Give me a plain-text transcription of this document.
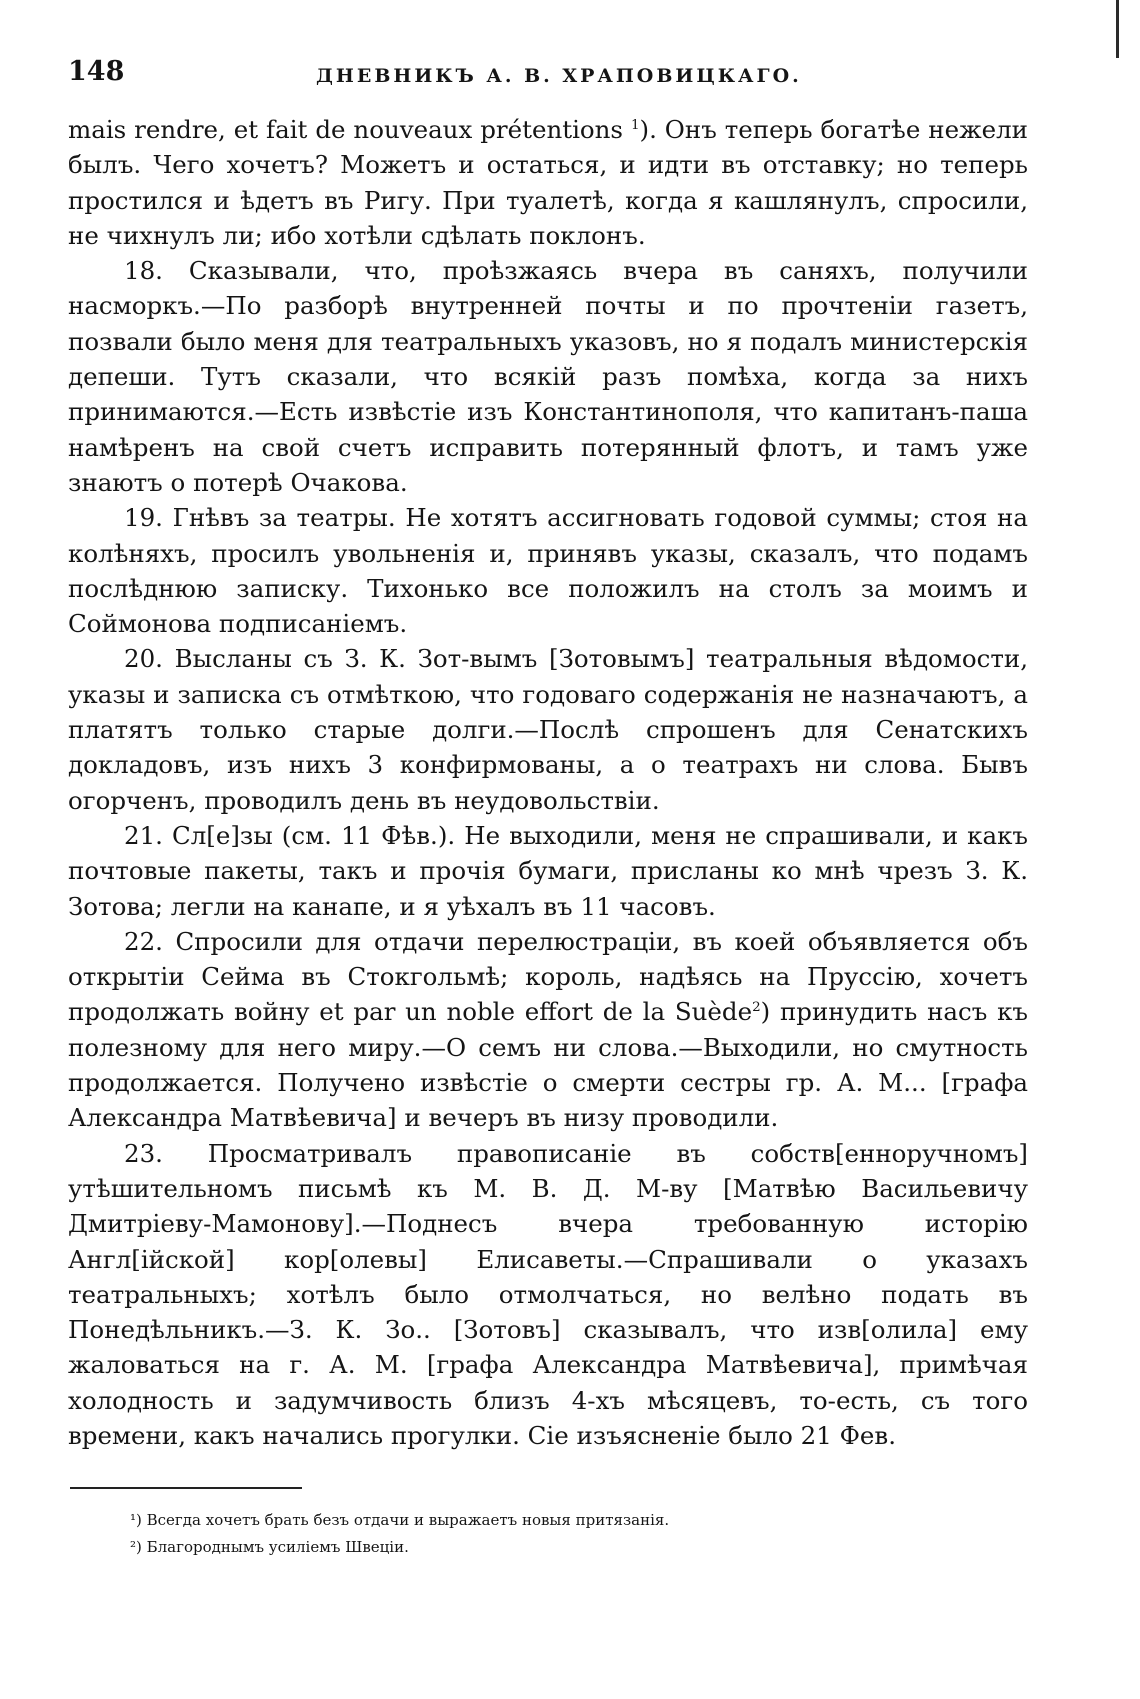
148	ДНЕВНИКЪ А. В. ХРАПОВИЦКАГО.

mais rendre, et fait de nouveaux prétentions $^1$). Онъ теперь богатѣе нежели былъ. Чего хочетъ? Можетъ и остаться, и идти въ отставку; но теперь простился и ѣдетъ въ Ригу. При туалетѣ, когда я кашлянулъ, спросили, не чихнулъ ли; ибо хотѣли сдѣлать поклонъ.

18. Сказывали, что, проѣзжаясь вчера въ саняхъ, получили насморкъ.—По разборѣ внутренней почты и по прочтеніи газетъ, позвали было меня для театральныхъ указовъ, но я подалъ министерскія депеши. Тутъ сказали, что всякій разъ помѣха, когда за нихъ принимаются.—Есть извѣстіе изъ Константинополя, что капитанъ-паша намѣренъ на свой счетъ исправить потерянный флотъ, и тамъ уже знаютъ о потерѣ Очакова.

19. Гнѣвъ за театры. Не хотятъ ассигновать годовой суммы; стоя на колѣняхъ, просилъ увольненія и, принявъ указы, сказалъ, что подамъ послѣднюю записку. Тихонько все положилъ на столъ за моимъ и Соймонова подписаніемъ.

20. Высланы съ З. К. Зот-вымъ [Зотовымъ] театральныя вѣдомости, указы и записка съ отмѣткою, что годоваго содержанія не назначаютъ, а платятъ только старые долги.—Послѣ спрошенъ для Сенатскихъ докладовъ, изъ нихъ 3 конфирмованы, а о театрахъ ни слова. Бывъ огорченъ, проводилъ день въ неудовольствіи.

21. Сл[е]зы (см. 11 Фѣв.). Не выходили, меня не спрашивали, и какъ почтовые пакеты, такъ и прочія бумаги, присланы ко мнѣ чрезъ З. К. Зотова; легли на канапе, и я уѣхалъ въ 11 часовъ.

22. Спросили для отдачи перелюстраціи, въ коей объявляется объ открытіи Сейма въ Стокгольмѣ; король, надѣясь на Пруссію, хочетъ продолжать войну et par un noble effort de la Suède$^2$) принудить насъ къ полезному для него миру.—О семъ ни слова.—Выходили, но смутность продолжается. Получено извѣстіе о смерти сестры гр. А. М... [графа Александра Матвѣевича] и вечеръ въ низу проводили.

23. Просматривалъ правописаніе въ собств[енноручномъ] утѣшительномъ письмѣ къ М. В. Д. М-ву [Матвѣю Васильевичу Дмитріеву-Мамонову].—Поднесъ вчера требованную исторію Англ[ійской] кор[олевы] Елисаветы.—Спрашивали о указахъ театральныхъ; хотѣлъ было отмолчаться, но велѣно подать въ Понедѣльникъ.—З. К. Зо.. [Зотовъ] сказывалъ, что изв[олила] ему жаловаться на г. А. М. [графа Александра Матвѣевича], примѣчая холодность и задумчивость близъ 4-хъ мѣсяцевъ, то-есть, съ того времени, какъ начались прогулки. Сіе изъясненіе было 21 Фев.

¹) Всегда хочетъ брать безъ отдачи и выражаетъ новыя притязанія.
²) Благороднымъ усиліемъ Швеціи.
